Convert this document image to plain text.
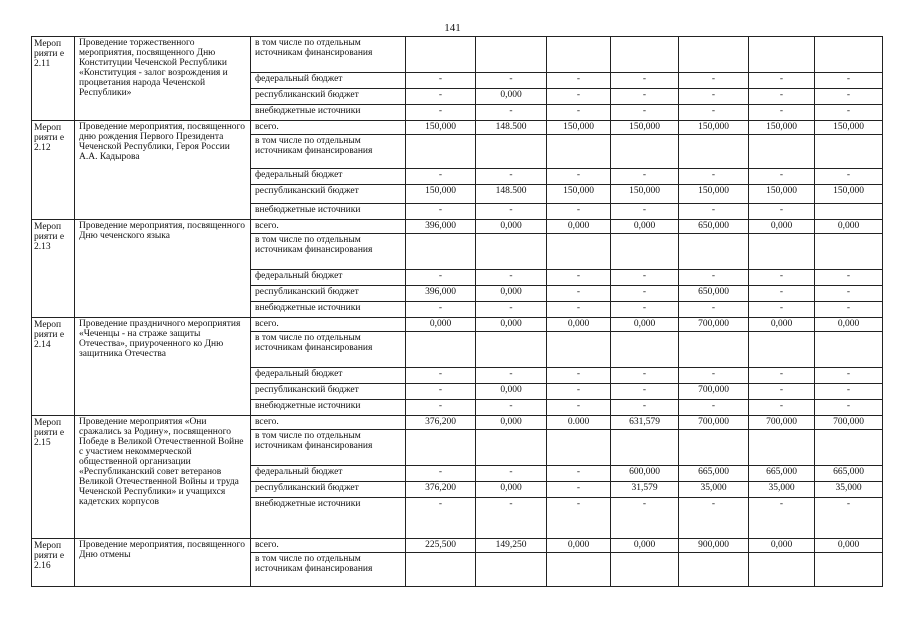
141
Мероп рияти е 2.11	Проведение торжественного мероприятия, посвященного Дню Конституции Чеченской Республики «Конституция - залог возрождения и процветания народа Чеченской Республики»	в том числе по отдельным источникам финансирования							
		федеральный бюджет	-	-	-	-	-	-	-
		республиканский бюджет	-	0,000	-	-	-	-	-
		внебюджетные источники	-	-	-	-	-	-	-
Мероп рияти е 2.12	Проведение мероприятия, посвященного дню рождения Первого Президента Чеченской Республики, Героя России А.А. Кадырова	всего.	150,000	148.500	150,000	150,000	150,000	150,000	150,000
		в том числе по отдельным источникам финансирования							
		федеральный бюджет	-	-	-	-	-	-	-
		республиканский бюджет	150,000	148.500	150,000	150,000	150,000	150,000	150,000
		внебюджетные источники	-	-	-	-	-	-	
Мероп рияти е 2.13	Проведение мероприятия, посвященного Дню чеченского языка	всего.	396,000	0,000	0,000	0,000	650,000	0,000	0,000
		в том числе по отдельным источникам финансирования							
		федеральный бюджет	-	-	-	-	-	-	-
		республиканский бюджет	396,000	0,000	-	-	650,000	-	-
		внебюджетные источники	-	-	-	-	-	-	-
Мероп рияти е 2.14	Проведение праздничного мероприятия «Чеченцы - на страже защиты Отечества», приуроченного ко Дню защитника Отечества	всего.	0,000	0,000	0,000	0,000	700,000	0,000	0,000
		в том числе по отдельным источникам финансирования							
		федеральный бюджет	-	-	-	-	-	-	-
		республиканский бюджет	-	0,000	-	-	700,000	-	-
		внебюджетные источники	-	-	-	-	-	-	-
Мероп рияти е 2.15	Проведение мероприятия «Они сражались за Родину», посвященного Победе в Великой Отечественной Войне с участием некоммерческой общественной организации «Республиканский совет ветеранов Великой Отечественной Войны и труда Чеченской Республики» и учащихся кадетских корпусов	всего.	376,200	0,000	0.000	631,579	700,000	700,000	700,000
		в том числе по отдельным источникам финансирования							
		федеральный бюджет	-	-	-	600,000	665,000	665,000	665,000
		республиканский бюджет	376,200	0,000	-	31,579	35,000	35,000	35,000
		внебюджетные источники	-	-	-	-	-	-	-
Мероп рияти е 2.16	Проведение мероприятия, посвященного Дню отмены	всего.	225,500	149,250	0,000	0,000	900,000	0,000	0,000
		в том числе по отдельным источникам финансирования							
